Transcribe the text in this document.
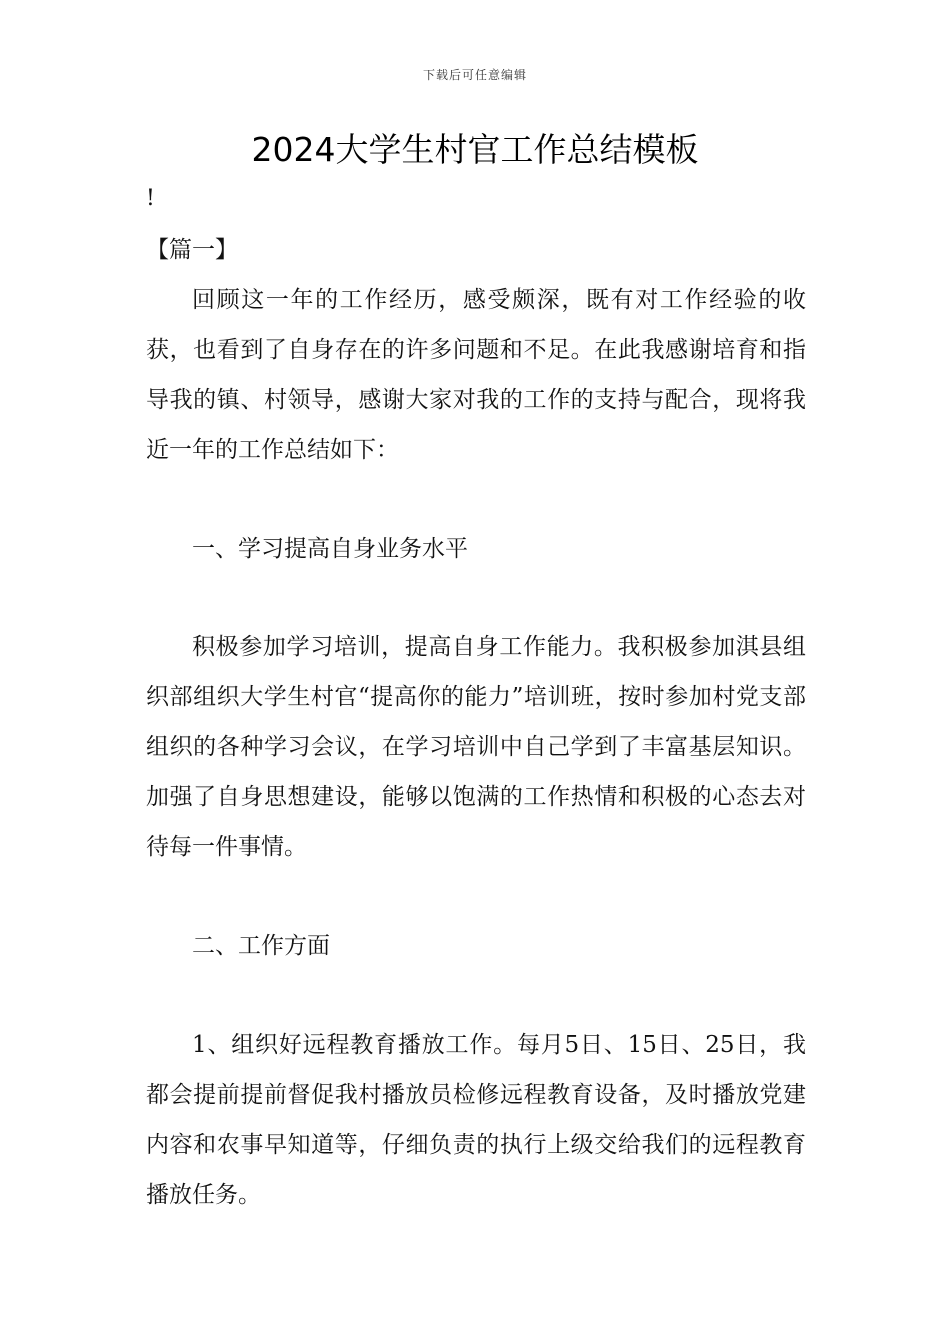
下载后可任意编辑
2024大学生村官工作总结模板
!
【篇一】

回顾这一年的工作经历，感受颇深，既有对工作经验的收获，也看到了自身存在的许多问题和不足。在此我感谢培育和指导我的镇、村领导，感谢大家对我的工作的支持与配合，现将我近一年的工作总结如下：

一、学习提高自身业务水平

积极参加学习培训，提高自身工作能力。我积极参加淇县组织部组织大学生村官“提高你的能力”培训班，按时参加村党支部组织的各种学习会议，在学习培训中自己学到了丰富基层知识。加强了自身思想建设，能够以饱满的工作热情和积极的心态去对待每一件事情。

二、工作方面

1、组织好远程教育播放工作。每月5日、15日、25日，我都会提前提前督促我村播放员检修远程教育设备，及时播放党建内容和农事早知道等，仔细负责的执行上级交给我们的远程教育播放任务。
